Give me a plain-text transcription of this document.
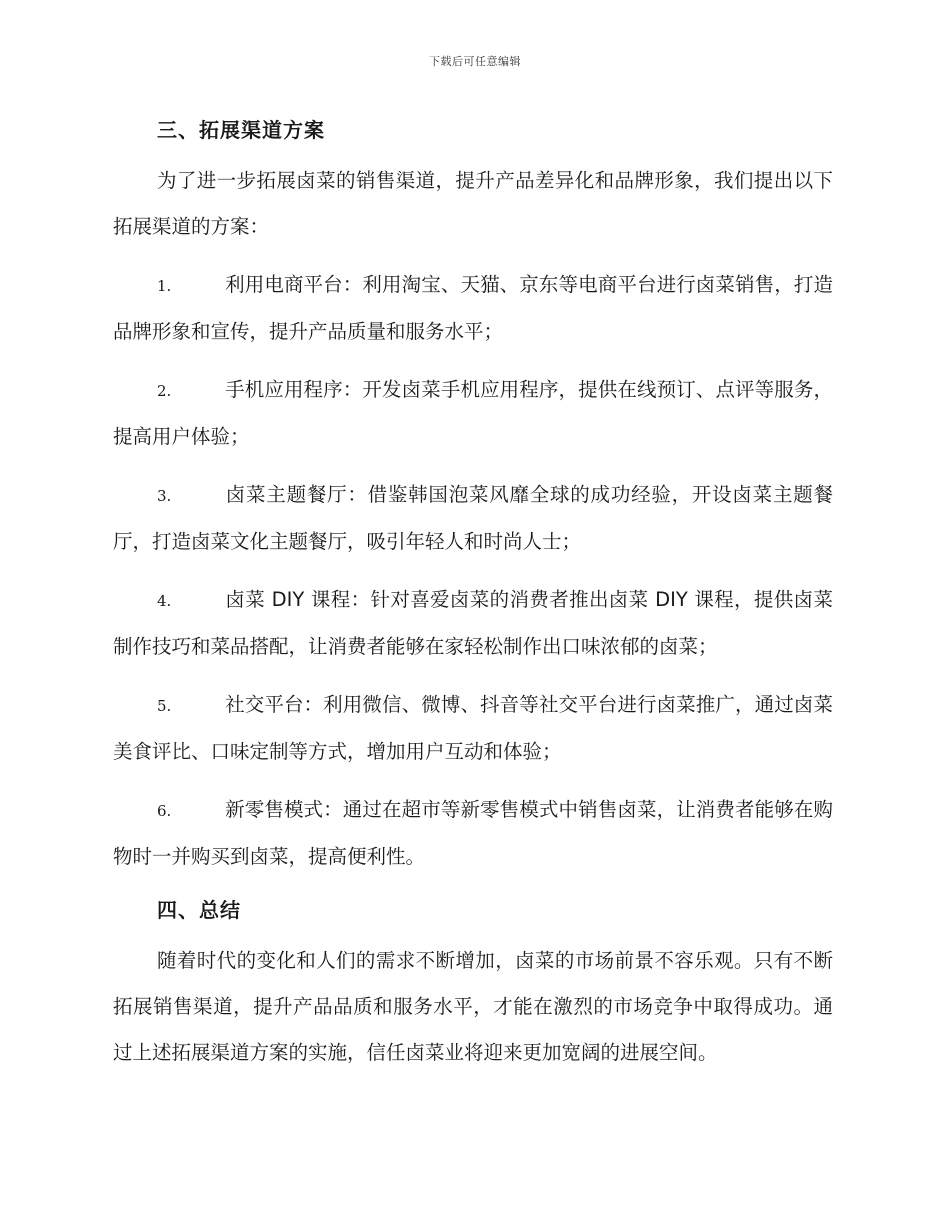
下载后可任意编辑

三、拓展渠道方案

为了进一步拓展卤菜的销售渠道，提升产品差异化和品牌形象，我们提出以下拓展渠道的方案：

1.	利用电商平台：利用淘宝、天猫、京东等电商平台进行卤菜销售，打造品牌形象和宣传，提升产品质量和服务水平；

2.	手机应用程序：开发卤菜手机应用程序，提供在线预订、点评等服务，提高用户体验；

3.	卤菜主题餐厅：借鉴韩国泡菜风靡全球的成功经验，开设卤菜主题餐厅，打造卤菜文化主题餐厅，吸引年轻人和时尚人士；

4.	卤菜 DIY 课程：针对喜爱卤菜的消费者推出卤菜 DIY 课程，提供卤菜制作技巧和菜品搭配，让消费者能够在家轻松制作出口味浓郁的卤菜；

5.	社交平台：利用微信、微博、抖音等社交平台进行卤菜推广，通过卤菜美食评比、口味定制等方式，增加用户互动和体验；

6.	新零售模式：通过在超市等新零售模式中销售卤菜，让消费者能够在购物时一并购买到卤菜，提高便利性。

四、总结

随着时代的变化和人们的需求不断增加，卤菜的市场前景不容乐观。只有不断拓展销售渠道，提升产品品质和服务水平，才能在激烈的市场竞争中取得成功。通过上述拓展渠道方案的实施，信任卤菜业将迎来更加宽阔的进展空间。
